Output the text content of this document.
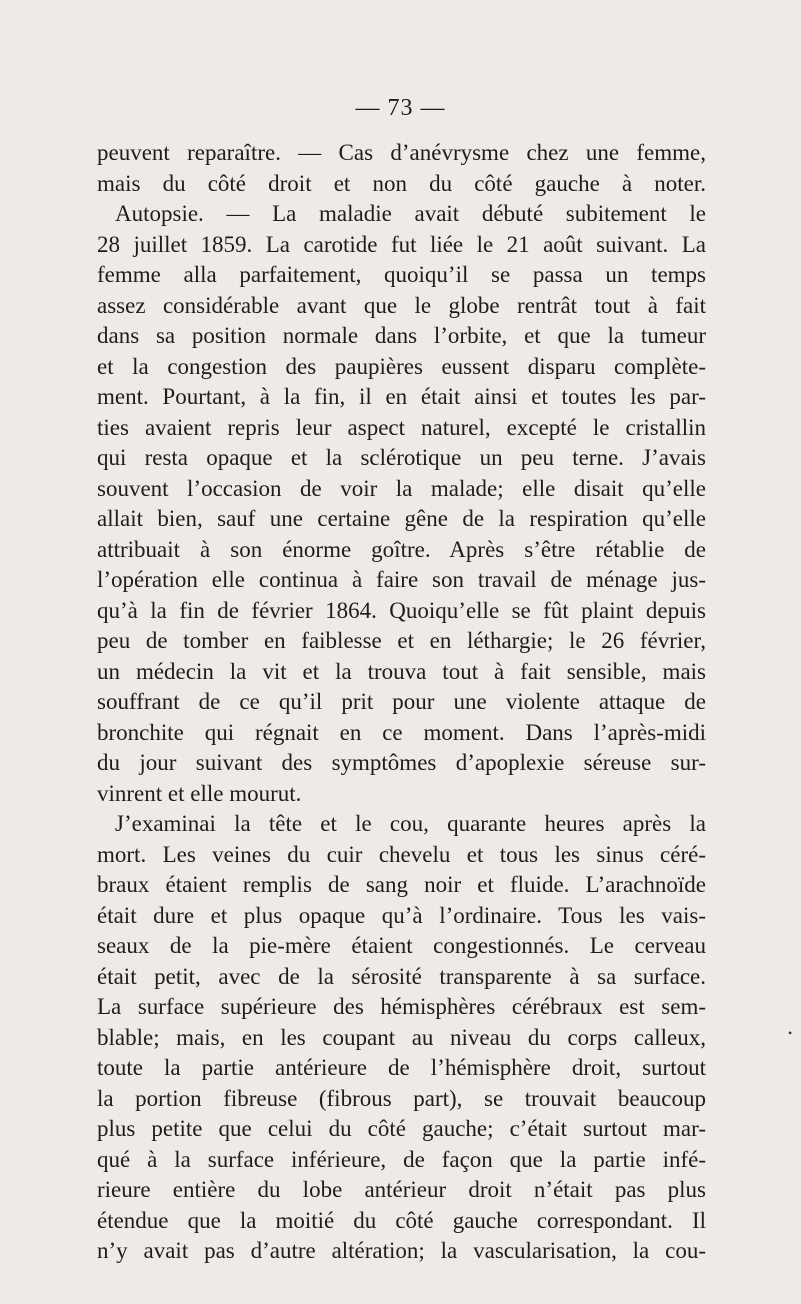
— 73 —
peuvent reparaître. — Cas d’anévrysme chez une femme,
mais du côté droit et non du côté gauche à noter.
Autopsie. — La maladie avait débuté subitement le
28 juillet 1859. La carotide fut liée le 21 août suivant. La
femme alla parfaitement, quoiqu’il se passa un temps
assez considérable avant que le globe rentrât tout à fait
dans sa position normale dans l’orbite, et que la tumeur
et la congestion des paupières eussent disparu complète-
ment. Pourtant, à la fin, il en était ainsi et toutes les par-
ties avaient repris leur aspect naturel, excepté le cristallin
qui resta opaque et la sclérotique un peu terne. J’avais
souvent l’occasion de voir la malade; elle disait qu’elle
allait bien, sauf une certaine gêne de la respiration qu’elle
attribuait à son énorme goître. Après s’être rétablie de
l’opération elle continua à faire son travail de ménage jus-
qu’à la fin de février 1864. Quoiqu’elle se fût plaint depuis
peu de tomber en faiblesse et en léthargie; le 26 février,
un médecin la vit et la trouva tout à fait sensible, mais
souffrant de ce qu’il prit pour une violente attaque de
bronchite qui régnait en ce moment. Dans l’après-midi
du jour suivant des symptômes d’apoplexie séreuse sur-
vinrent et elle mourut.
J’examinai la tête et le cou, quarante heures après la
mort. Les veines du cuir chevelu et tous les sinus céré-
braux étaient remplis de sang noir et fluide. L’arachnoïde
était dure et plus opaque qu’à l’ordinaire. Tous les vais-
seaux de la pie-mère étaient congestionnés. Le cerveau
était petit, avec de la sérosité transparente à sa surface.
La surface supérieure des hémisphères cérébraux est sem-
blable; mais, en les coupant au niveau du corps calleux,
toute la partie antérieure de l’hémisphère droit, surtout
la portion fibreuse (fibrous part), se trouvait beaucoup
plus petite que celui du côté gauche; c’était surtout mar-
qué à la surface inférieure, de façon que la partie infé-
rieure entière du lobe antérieur droit n’était pas plus
étendue que la moitié du côté gauche correspondant. Il
n’y avait pas d’autre altération; la vascularisation, la cou-
•
